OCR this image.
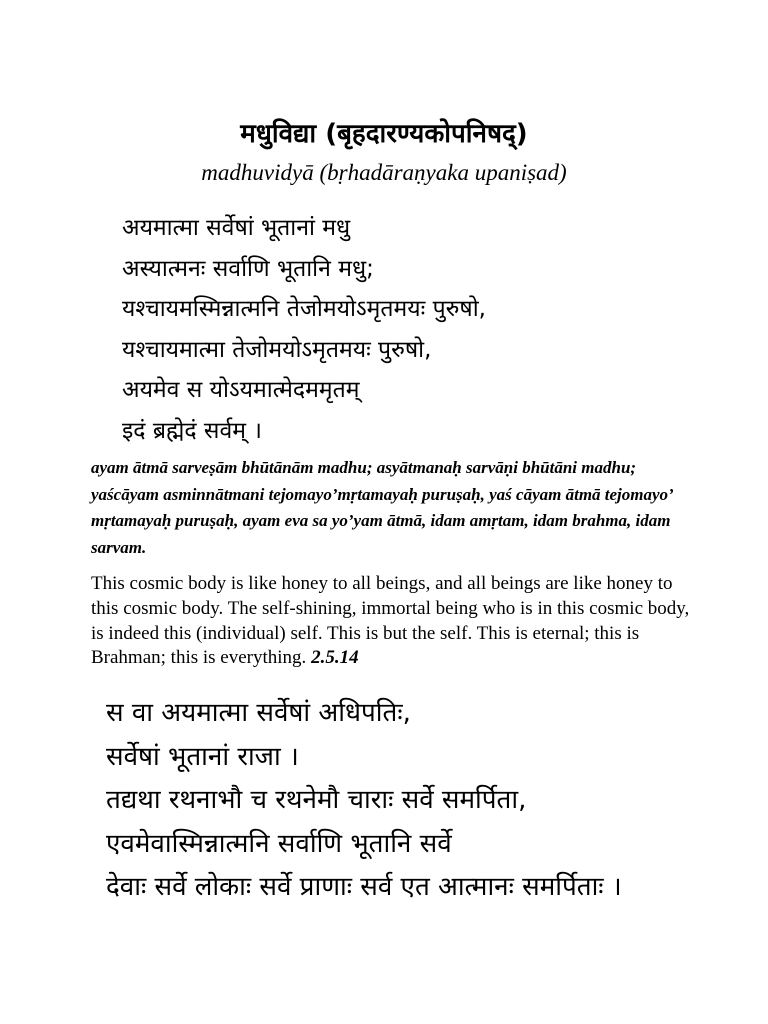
मधुविद्या (बृहदारण्यकोपनिषद्)
madhuvidyā (bṛhadāraṇyaka upaniṣad)
अयमात्मा सर्वेषां भूतानां मधु
अस्यात्मनः सर्वाणि भूतानि मधु;
यश्चायमस्मिन्नात्मनि तेजोमयोऽमृतमयः पुरुषो,
यश्चायमात्मा तेजोमयोऽमृतमयः पुरुषो,
अयमेव स योऽयमात्मेदममृतम्
इदं ब्रह्मेदं सर्वम् ।
ayam ātmā sarveṣām bhūtānām madhu; asyātmanaḥ sarvāṇi bhūtāni madhu; yaścāyam asminnātmani tejomayo’mṛtamayaḥ puruṣaḥ, yaś cāyam ātmā tejomayo’ mṛtamayaḥ puruṣaḥ, ayam eva sa yo’yam ātmā, idam amṛtam, idam brahma, idam sarvam.
This cosmic body is like honey to all beings, and all beings are like honey to this cosmic body. The self-shining, immortal being who is in this cosmic body, is indeed this (individual) self. This is but the self. This is eternal; this is Brahman; this is everything. 2.5.14
स वा अयमात्मा सर्वेषां अधिपतिः,
सर्वेषां भूतानां राजा ।
तद्यथा रथनाभौ च रथनेमौ चाराः सर्वे समर्पिता,
एवमेवास्मिन्नात्मनि सर्वाणि भूतानि सर्वे
देवाः सर्वे लोकाः सर्वे प्राणाः सर्व एत आत्मानः समर्पिताः ।
